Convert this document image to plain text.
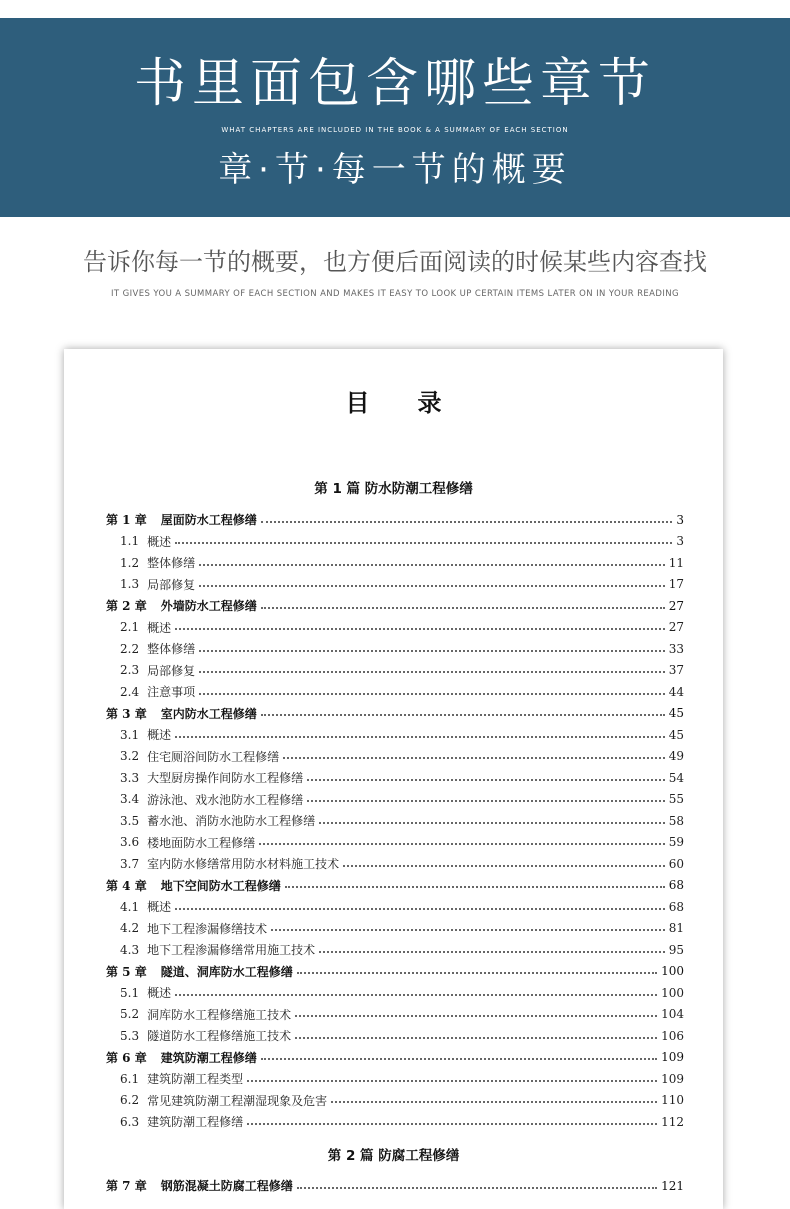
书里面包含哪些章节
WHAT CHAPTERS ARE INCLUDED IN THE BOOK & A SUMMARY OF EACH SECTION
章·节·每一节的概要
告诉你每一节的概要，也方便后面阅读的时候某些内容查找
IT GIVES YOU A SUMMARY OF EACH SECTION AND MAKES IT EASY TO LOOK UP CERTAIN ITEMS LATER ON IN YOUR READING
目录
第 1 篇 防水防潮工程修缮
第 1 章 屋面防水工程修缮	3
1.1 概述	3
1.2 整体修缮	11
1.3 局部修复	17
第 2 章 外墙防水工程修缮	27
2.1 概述	27
2.2 整体修缮	33
2.3 局部修复	37
2.4 注意事项	44
第 3 章 室内防水工程修缮	45
3.1 概述	45
3.2 住宅厕浴间防水工程修缮	49
3.3 大型厨房操作间防水工程修缮	54
3.4 游泳池、戏水池防水工程修缮	55
3.5 蓄水池、消防水池防水工程修缮	58
3.6 楼地面防水工程修缮	59
3.7 室内防水修缮常用防水材料施工技术	60
第 4 章 地下空间防水工程修缮	68
4.1 概述	68
4.2 地下工程渗漏修缮技术	81
4.3 地下工程渗漏修缮常用施工技术	95
第 5 章 隧道、洞库防水工程修缮	100
5.1 概述	100
5.2 洞库防水工程修缮施工技术	104
5.3 隧道防水工程修缮施工技术	106
第 6 章 建筑防潮工程修缮	109
6.1 建筑防潮工程类型	109
6.2 常见建筑防潮工程潮湿现象及危害	110
6.3 建筑防潮工程修缮	112
第 2 篇 防腐工程修缮
第 7 章 钢筋混凝土防腐工程修缮	121
